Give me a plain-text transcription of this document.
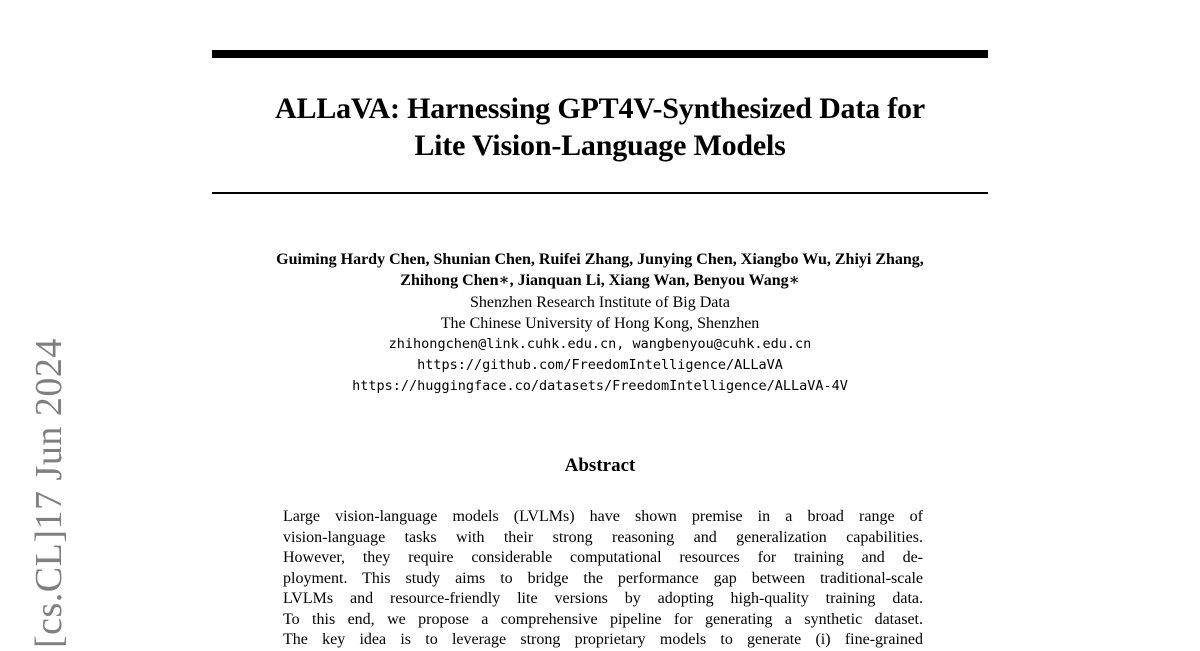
ALLaVA: Harnessing GPT4V-Synthesized Data for
Lite Vision-Language Models
Guiming Hardy Chen, Shunian Chen, Ruifei Zhang, Junying Chen, Xiangbo Wu, Zhiyi Zhang,
Zhihong Chen∗, Jianquan Li, Xiang Wan, Benyou Wang∗
Shenzhen Research Institute of Big Data
The Chinese University of Hong Kong, Shenzhen
zhihongchen@link.cuhk.edu.cn, wangbenyou@cuhk.edu.cn
https://github.com/FreedomIntelligence/ALLaVA
https://huggingface.co/datasets/FreedomIntelligence/ALLaVA-4V
Abstract
Large vision-language models (LVLMs) have shown premise in a broad range of
vision-language tasks with their strong reasoning and generalization capabilities.
However, they require considerable computational resources for training and de-
ployment. This study aims to bridge the performance gap between traditional-scale
LVLMs and resource-friendly lite versions by adopting high-quality training data.
To this end, we propose a comprehensive pipeline for generating a synthetic dataset.
The key idea is to leverage strong proprietary models to generate (i) fine-grained
[cs.CL]17 Jun 2024
